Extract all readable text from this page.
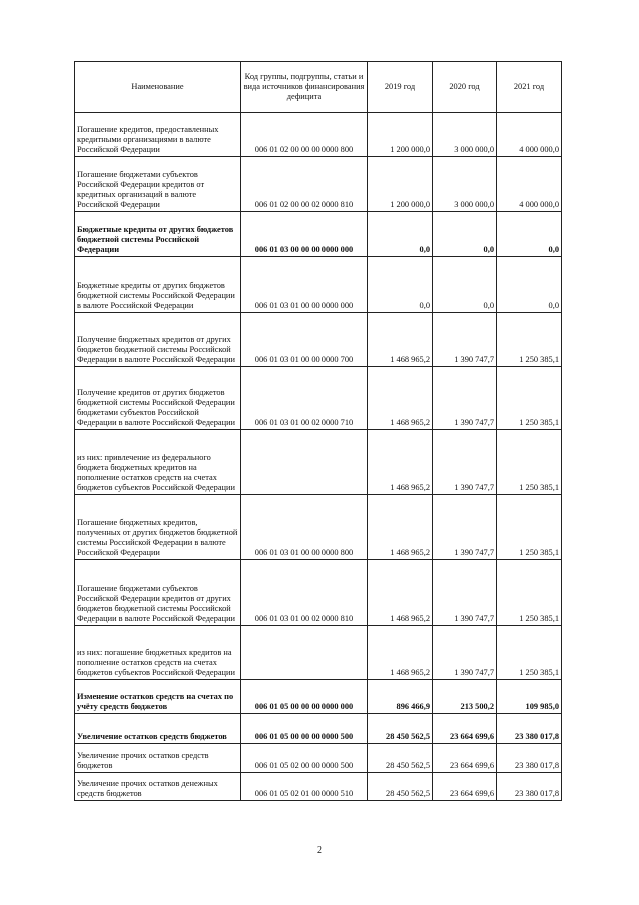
Наименование	Код группы, подгруппы, статьи и вида источников финансирования дефицита	2019 год	2020 год	2021 год
Погашение кредитов, предоставленных кредитными организациями в валюте Российской Федерации	006 01 02 00 00 00 0000 800	1 200 000,0	3 000 000,0	4 000 000,0
Погашение бюджетами субъектов Российской Федерации кредитов от кредитных организаций в валюте Российской Федерации	006 01 02 00 00 02 0000 810	1 200 000,0	3 000 000,0	4 000 000,0
Бюджетные кредиты от других бюджетов бюджетной системы Российской Федерации	006 01 03 00 00 00 0000 000	0,0	0,0	0,0
Бюджетные кредиты от других бюджетов бюджетной системы Российской Федерации в валюте Российской Федерации	006 01 03 01 00 00 0000 000	0,0	0,0	0,0
Получение бюджетных кредитов от других бюджетов бюджетной системы Российской Федерации в валюте Российской Федерации	006 01 03 01 00 00 0000 700	1 468 965,2	1 390 747,7	1 250 385,1
Получение кредитов от других бюджетов бюджетной системы Российской Федерации бюджетами субъектов Российской Федерации в валюте Российской Федерации	006 01 03 01 00 02 0000 710	1 468 965,2	1 390 747,7	1 250 385,1
из них: привлечение из федерального бюджета бюджетных кредитов на пополнение остатков средств на счетах бюджетов субъектов Российской Федерации		1 468 965,2	1 390 747,7	1 250 385,1
Погашение бюджетных кредитов, полученных от других бюджетов бюджетной системы Российской Федерации в валюте Российской Федерации	006 01 03 01 00 00 0000 800	1 468 965,2	1 390 747,7	1 250 385,1
Погашение бюджетами субъектов Российской Федерации кредитов от других бюджетов бюджетной системы Российской Федерации в валюте Российской Федерации	006 01 03 01 00 02 0000 810	1 468 965,2	1 390 747,7	1 250 385,1
из них: погашение бюджетных кредитов на пополнение остатков средств на счетах бюджетов субъектов Российской Федерации		1 468 965,2	1 390 747,7	1 250 385,1
Изменение остатков средств на счетах по учёту средств бюджетов	006 01 05 00 00 00 0000 000	896 466,9	213 500,2	109 985,0
Увеличение остатков средств бюджетов	006 01 05 00 00 00 0000 500	28 450 562,5	23 664 699,6	23 380 017,8
Увеличение прочих остатков средств бюджетов	006 01 05 02 00 00 0000 500	28 450 562,5	23 664 699,6	23 380 017,8
Увеличение прочих остатков денежных средств бюджетов	006 01 05 02 01 00 0000 510	28 450 562,5	23 664 699,6	23 380 017,8
2
